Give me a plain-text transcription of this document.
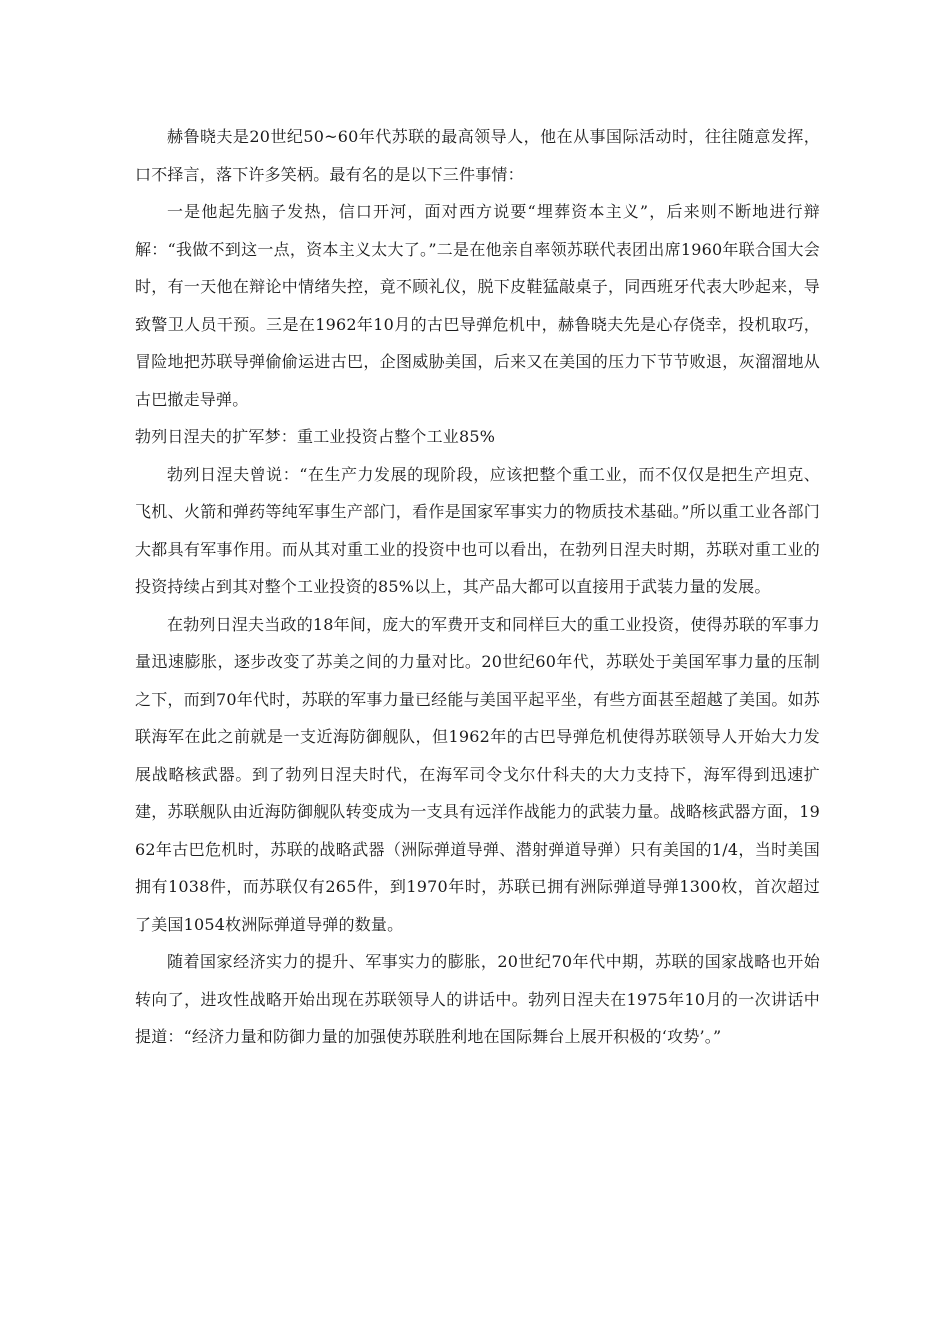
赫鲁晓夫是20世纪50~60年代苏联的最高领导人，他在从事国际活动时，往往随意发挥，口不择言，落下许多笑柄。最有名的是以下三件事情：

一是他起先脑子发热，信口开河，面对西方说要“埋葬资本主义”，后来则不断地进行辩解：“我做不到这一点，资本主义太大了。”二是在他亲自率领苏联代表团出席1960年联合国大会时，有一天他在辩论中情绪失控，竟不顾礼仪，脱下皮鞋猛敲桌子，同西班牙代表大吵起来，导致警卫人员干预。三是在1962年10月的古巴导弹危机中，赫鲁晓夫先是心存侥幸，投机取巧，冒险地把苏联导弹偷偷运进古巴，企图威胁美国，后来又在美国的压力下节节败退，灰溜溜地从古巴撤走导弹。

勃列日涅夫的扩军梦：重工业投资占整个工业85%

勃列日涅夫曾说：“在生产力发展的现阶段，应该把整个重工业，而不仅仅是把生产坦克、飞机、火箭和弹药等纯军事生产部门，看作是国家军事实力的物质技术基础。”所以重工业各部门大都具有军事作用。而从其对重工业的投资中也可以看出，在勃列日涅夫时期，苏联对重工业的投资持续占到其对整个工业投资的85%以上，其产品大都可以直接用于武装力量的发展。

在勃列日涅夫当政的18年间，庞大的军费开支和同样巨大的重工业投资，使得苏联的军事力量迅速膨胀，逐步改变了苏美之间的力量对比。20世纪60年代，苏联处于美国军事力量的压制之下，而到70年代时，苏联的军事力量已经能与美国平起平坐，有些方面甚至超越了美国。如苏联海军在此之前就是一支近海防御舰队，但1962年的古巴导弹危机使得苏联领导人开始大力发展战略核武器。到了勃列日涅夫时代，在海军司令戈尔什科夫的大力支持下，海军得到迅速扩建，苏联舰队由近海防御舰队转变成为一支具有远洋作战能力的武装力量。战略核武器方面，1962年古巴危机时，苏联的战略武器（洲际弹道导弹、潜射弹道导弹）只有美国的1/4，当时美国拥有1038件，而苏联仅有265件，到1970年时，苏联已拥有洲际弹道导弹1300枚，首次超过了美国1054枚洲际弹道导弹的数量。

随着国家经济实力的提升、军事实力的膨胀，20世纪70年代中期，苏联的国家战略也开始转向了，进攻性战略开始出现在苏联领导人的讲话中。勃列日涅夫在1975年10月的一次讲话中提道：“经济力量和防御力量的加强使苏联胜利地在国际舞台上展开积极的‘攻势’。”
